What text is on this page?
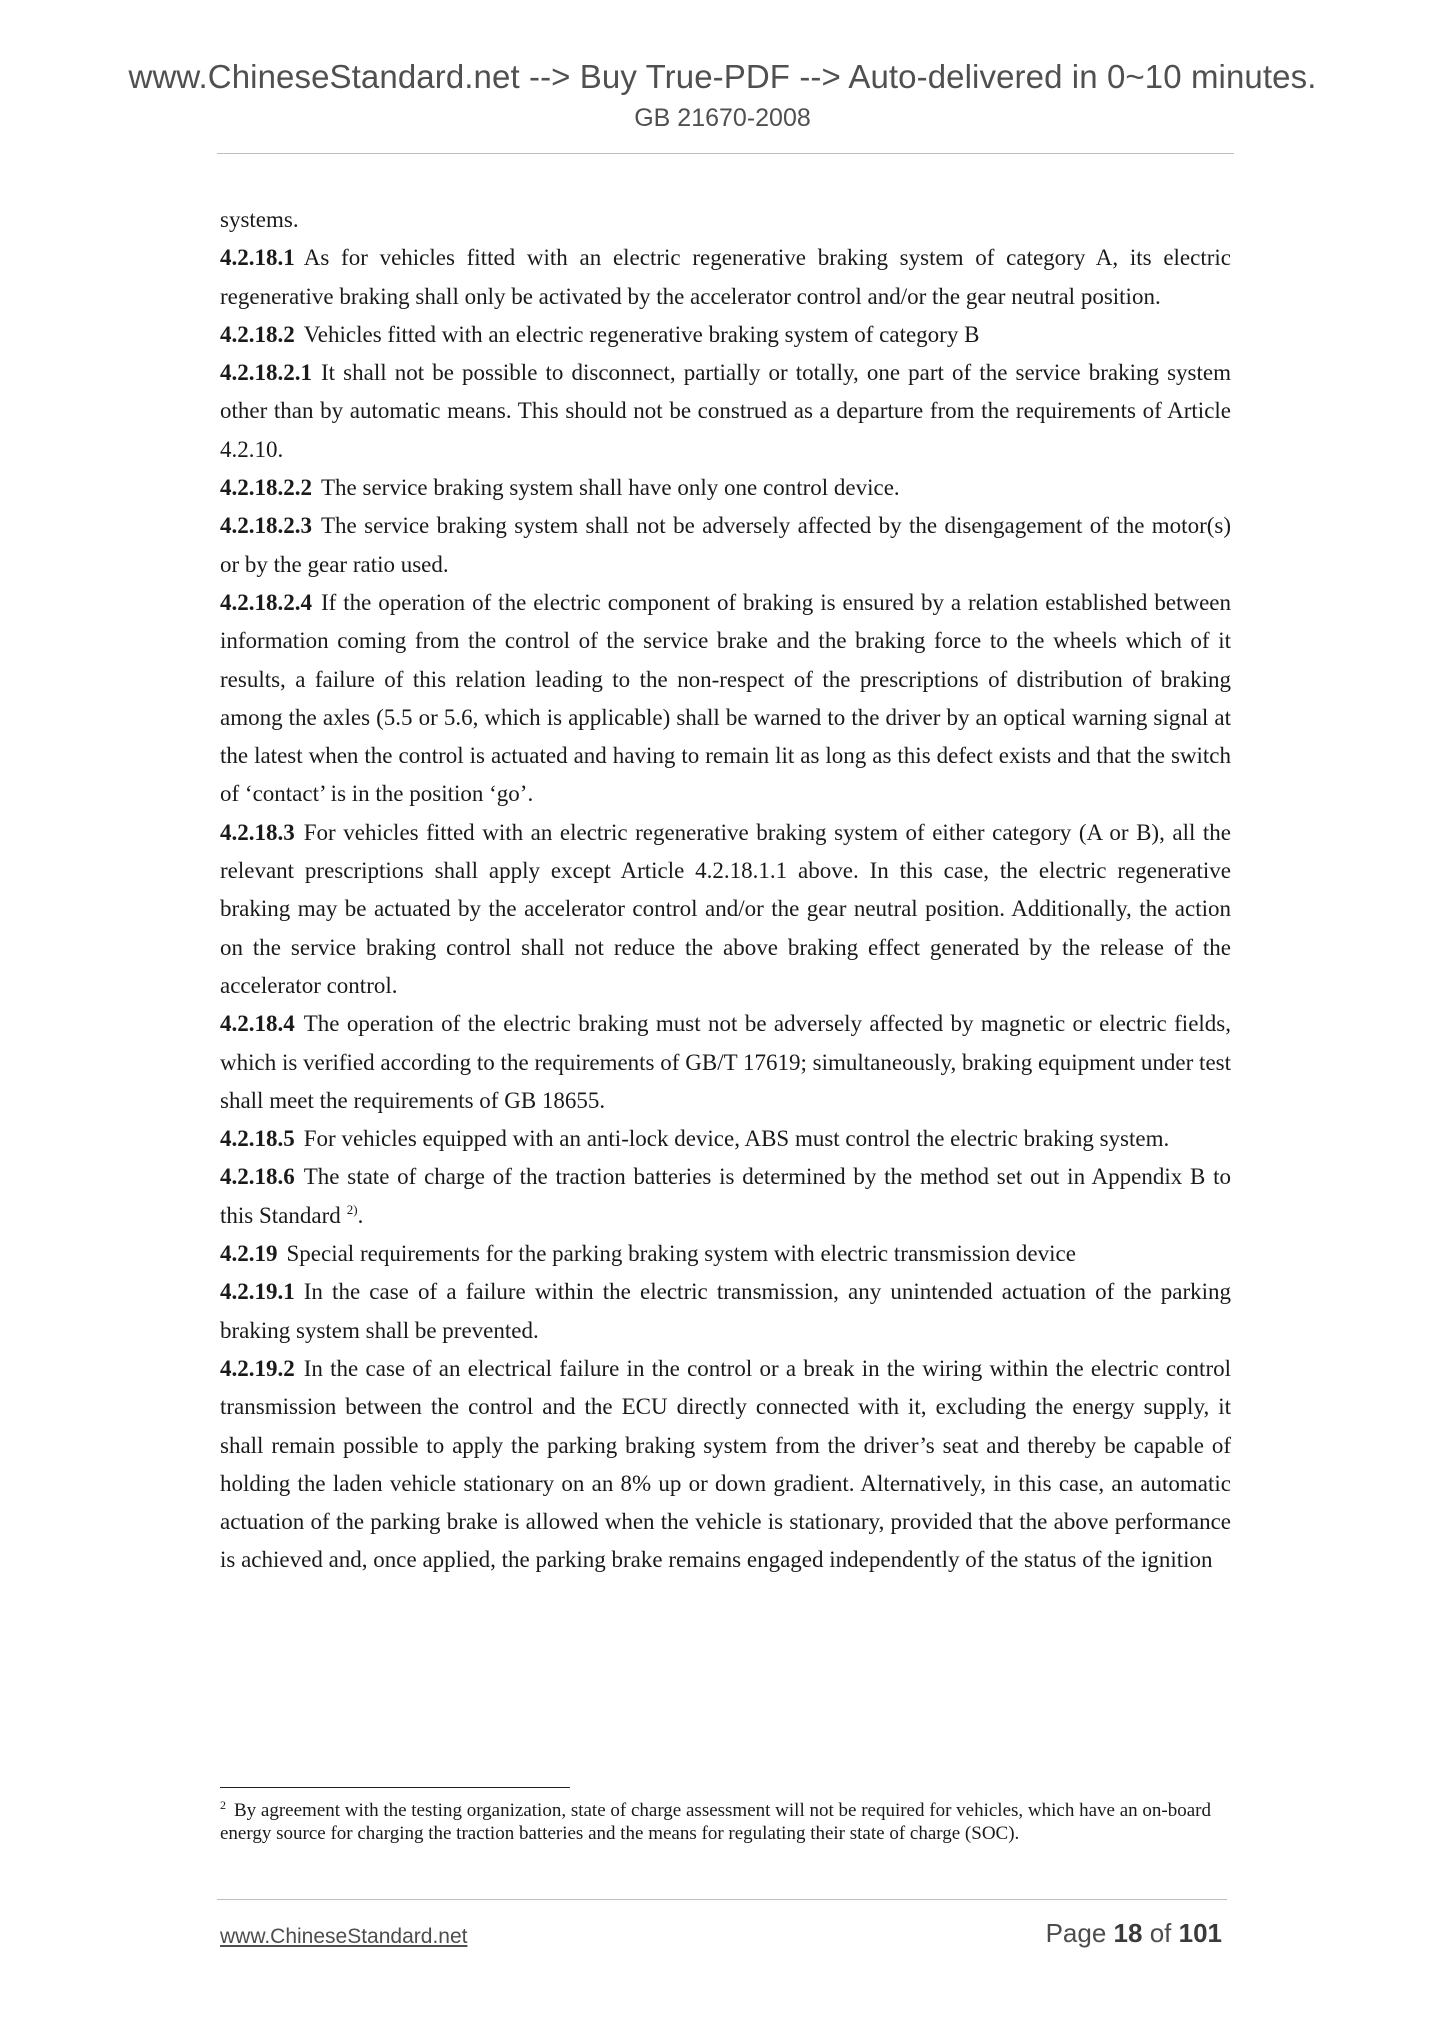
www.ChineseStandard.net --> Buy True-PDF --> Auto-delivered in 0~10 minutes.
GB 21670-2008

systems.

4.2.18.1 As for vehicles fitted with an electric regenerative braking system of category A, its electric regenerative braking shall only be activated by the accelerator control and/or the gear neutral position.

4.2.18.2 Vehicles fitted with an electric regenerative braking system of category B

4.2.18.2.1 It shall not be possible to disconnect, partially or totally, one part of the service braking system other than by automatic means. This should not be construed as a departure from the requirements of Article 4.2.10.

4.2.18.2.2 The service braking system shall have only one control device.

4.2.18.2.3 The service braking system shall not be adversely affected by the disengagement of the motor(s) or by the gear ratio used.

4.2.18.2.4 If the operation of the electric component of braking is ensured by a relation established between information coming from the control of the service brake and the braking force to the wheels which of it results, a failure of this relation leading to the non-respect of the prescriptions of distribution of braking among the axles (5.5 or 5.6, which is applicable) shall be warned to the driver by an optical warning signal at the latest when the control is actuated and having to remain lit as long as this defect exists and that the switch of ‘contact’ is in the position ‘go’.

4.2.18.3 For vehicles fitted with an electric regenerative braking system of either category (A or B), all the relevant prescriptions shall apply except Article 4.2.18.1.1 above. In this case, the electric regenerative braking may be actuated by the accelerator control and/or the gear neutral position. Additionally, the action on the service braking control shall not reduce the above braking effect generated by the release of the accelerator control.

4.2.18.4 The operation of the electric braking must not be adversely affected by magnetic or electric fields, which is verified according to the requirements of GB/T 17619; simultaneously, braking equipment under test shall meet the requirements of GB 18655.

4.2.18.5 For vehicles equipped with an anti-lock device, ABS must control the electric braking system.

4.2.18.6 The state of charge of the traction batteries is determined by the method set out in Appendix B to this Standard $^{2)}$.

4.2.19 Special requirements for the parking braking system with electric transmission device

4.2.19.1 In the case of a failure within the electric transmission, any unintended actuation of the parking braking system shall be prevented.

4.2.19.2 In the case of an electrical failure in the control or a break in the wiring within the electric control transmission between the control and the ECU directly connected with it, excluding the energy supply, it shall remain possible to apply the parking braking system from the driver’s seat and thereby be capable of holding the laden vehicle stationary on an 8% up or down gradient. Alternatively, in this case, an automatic actuation of the parking brake is allowed when the vehicle is stationary, provided that the above performance is achieved and, once applied, the parking brake remains engaged independently of the status of the ignition

$^2$ By agreement with the testing organization, state of charge assessment will not be required for vehicles, which have an on-board energy source for charging the traction batteries and the means for regulating their state of charge (SOC).
www.ChineseStandard.net	Page 18 of 101
